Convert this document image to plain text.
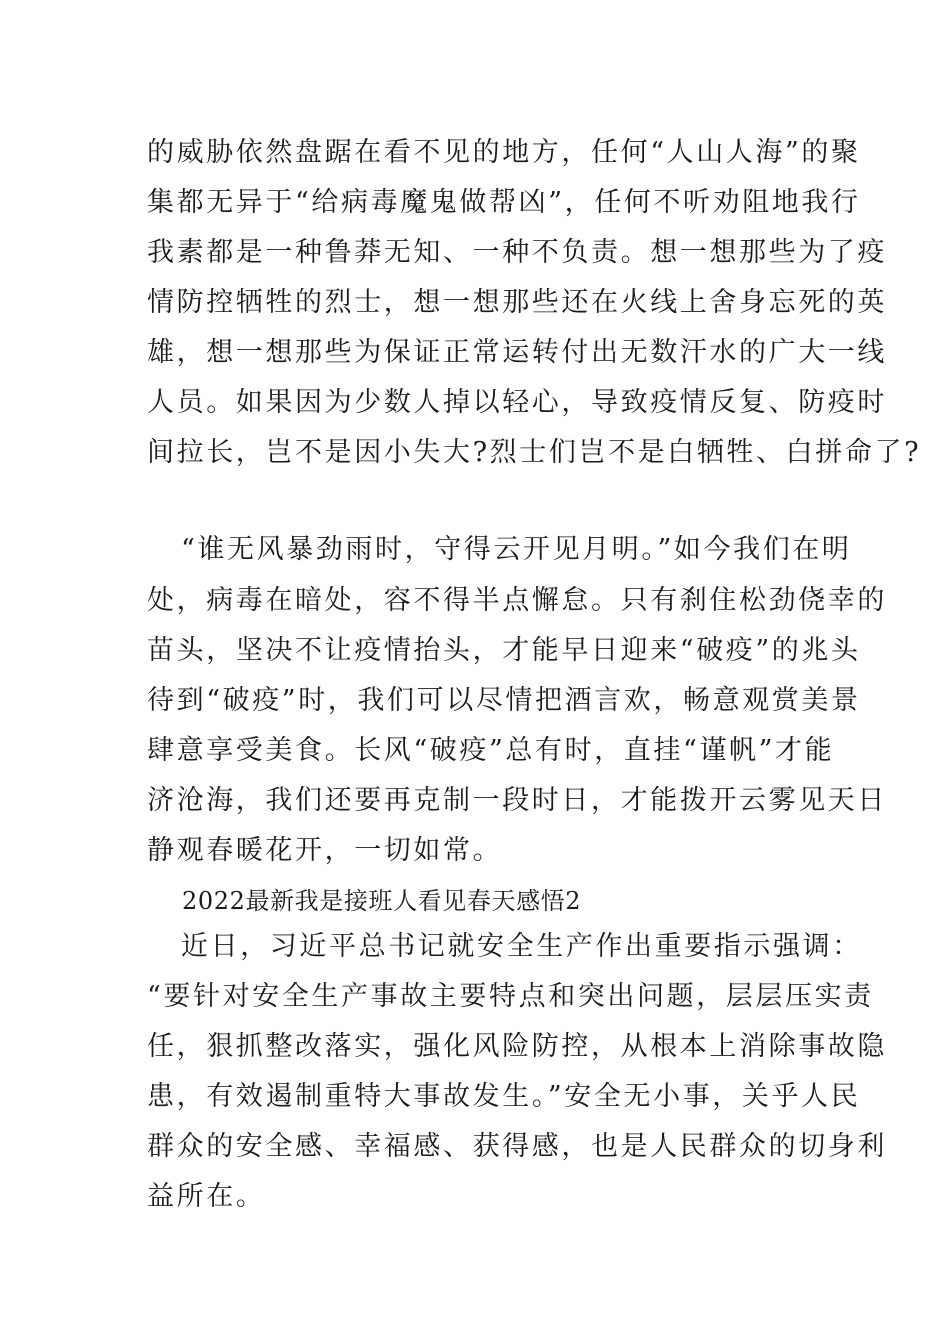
的威胁依然盘踞在看不见的地方，任何“人山人海”的聚
集都无异于“给病毒魔鬼做帮凶”，任何不听劝阻地我行
我素都是一种鲁莽无知、一种不负责。想一想那些为了疫
情防控牺牲的烈士，想一想那些还在火线上舍身忘死的英
雄，想一想那些为保证正常运转付出无数汗水的广大一线
人员。如果因为少数人掉以轻心，导致疫情反复、防疫时
间拉长，岂不是因小失大?烈士们岂不是白牺牲、白拼命了?
“谁无风暴劲雨时，守得云开见月明。”如今我们在明
处，病毒在暗处，容不得半点懈怠。只有刹住松劲侥幸的
苗头，坚决不让疫情抬头，才能早日迎来“破疫”的兆头
待到“破疫”时，我们可以尽情把酒言欢，畅意观赏美景
肆意享受美食。长风“破疫”总有时，直挂“谨帆”才能
济沧海，我们还要再克制一段时日，才能拨开云雾见天日
静观春暖花开，一切如常。
2022最新我是接班人看见春天感悟2
近日，习近平总书记就安全生产作出重要指示强调：
“要针对安全生产事故主要特点和突出问题，层层压实责
任，狠抓整改落实，强化风险防控，从根本上消除事故隐
患，有效遏制重特大事故发生。”安全无小事，关乎人民
群众的安全感、幸福感、获得感，也是人民群众的切身利
益所在。
